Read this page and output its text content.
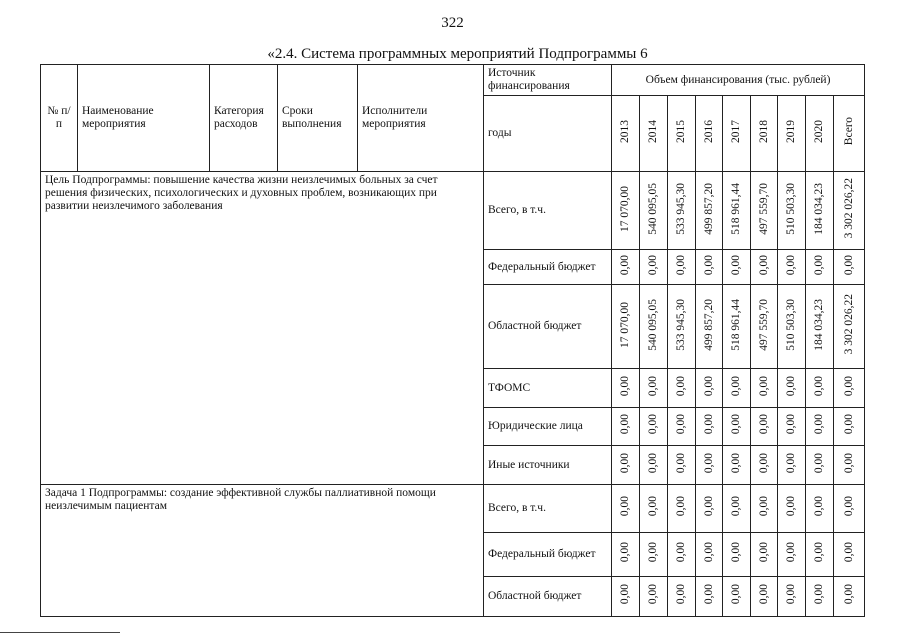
322
«2.4. Система программных мероприятий Подпрограммы 6
№ п/п	Наименование мероприятия	Категория расходов	Сроки выполнения	Исполнители мероприятия	Источник финансирования	Объем финансирования (тыс. рублей)								
					годы	2013	2014	2015	2016	2017	2018	2019	2020	Всего
Цель Подпрограммы: повышение качества жизни неизлечимых больных за счет решения физических, психологических и духовных проблем, возникающих при развитии неизлечимого заболевания					Всего, в т.ч.	17 070,00	540 095,05	533 945,30	499 857,20	518 961,44	497 559,70	510 503,30	184 034,23	3 302 026,22
					Федеральный бюджет	0,00	0,00	0,00	0,00	0,00	0,00	0,00	0,00	0,00
					Областной бюджет	17 070,00	540 095,05	533 945,30	499 857,20	518 961,44	497 559,70	510 503,30	184 034,23	3 302 026,22
					ТФОМС	0,00	0,00	0,00	0,00	0,00	0,00	0,00	0,00	0,00
					Юридические лица	0,00	0,00	0,00	0,00	0,00	0,00	0,00	0,00	0,00
					Иные источники	0,00	0,00	0,00	0,00	0,00	0,00	0,00	0,00	0,00
Задача 1 Подпрограммы: создание эффективной службы паллиативной помощи неизлечимым пациентам					Всего, в т.ч.	0,00	0,00	0,00	0,00	0,00	0,00	0,00	0,00	0,00
					Федеральный бюджет	0,00	0,00	0,00	0,00	0,00	0,00	0,00	0,00	0,00
					Областной бюджет	0,00	0,00	0,00	0,00	0,00	0,00	0,00	0,00	0,00
